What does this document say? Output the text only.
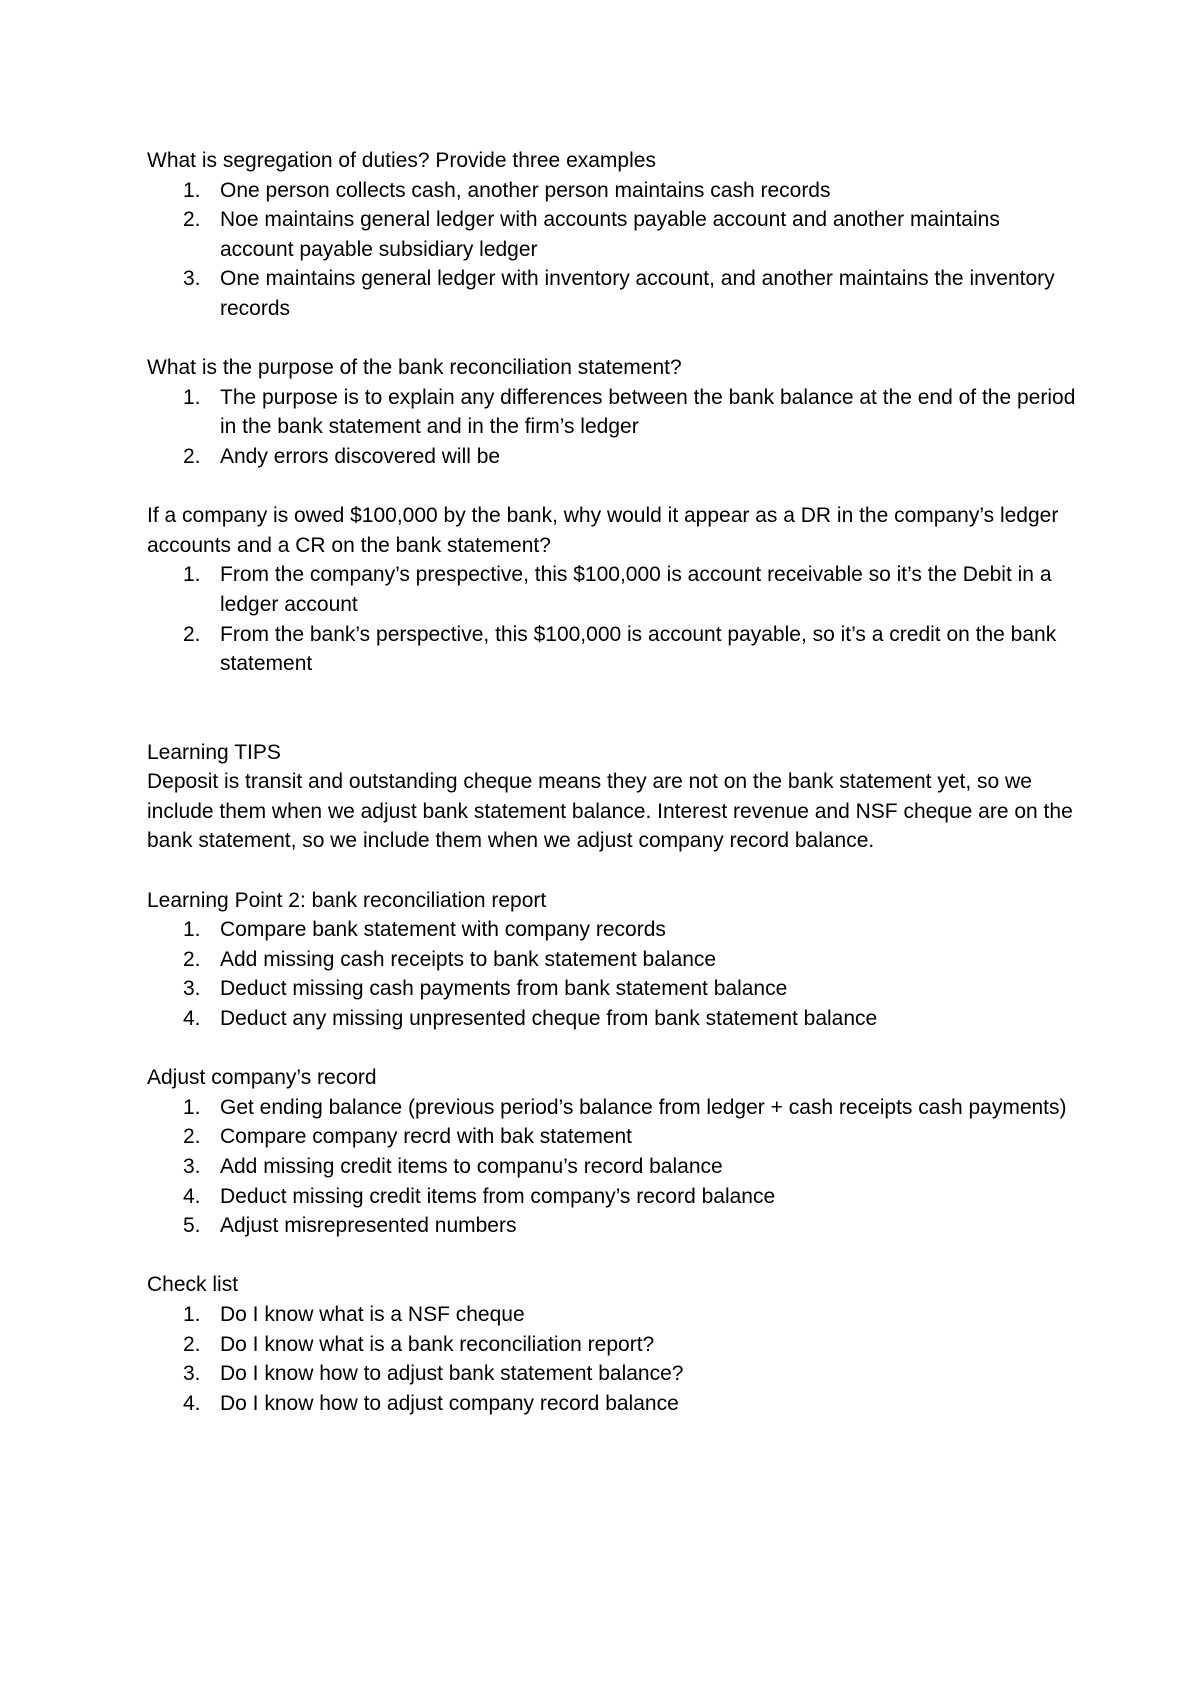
What is segregation of duties? Provide three examples

1. One person collects cash, another person maintains cash records
2. Noe maintains general ledger with accounts payable account and another maintains account payable subsidiary ledger
3. One maintains general ledger with inventory account, and another maintains the inventory records

What is the purpose of the bank reconciliation statement?

1. The purpose is to explain any differences between the bank balance at the end of the period in the bank statement and in the firm’s ledger
2. Andy errors discovered will be

If a company is owed $100,000 by the bank, why would it appear as a DR in the company’s ledger accounts and a CR on the bank statement?

1. From the company’s prespective, this $100,000 is account receivable so it’s the Debit in a ledger account
2. From the bank’s perspective, this $100,000 is account payable, so it’s a credit on the bank statement

Learning TIPS

Deposit is transit and outstanding cheque means they are not on the bank statement yet, so we include them when we adjust bank statement balance. Interest revenue and NSF cheque are on the bank statement, so we include them when we adjust company record balance.

Learning Point 2: bank reconciliation report

1. Compare bank statement with company records
2. Add missing cash receipts to bank statement balance
3. Deduct missing cash payments from bank statement balance
4. Deduct any missing unpresented cheque from bank statement balance

Adjust company’s record

1. Get ending balance (previous period’s balance from ledger + cash receipts cash payments)
2. Compare company recrd with bak statement
3. Add missing credit items to companu’s record balance
4. Deduct missing credit items from company’s record balance
5. Adjust misrepresented numbers

Check list

1. Do I know what is a NSF cheque
2. Do I know what is a bank reconciliation report?
3. Do I know how to adjust bank statement balance?
4. Do I know how to adjust company record balance
